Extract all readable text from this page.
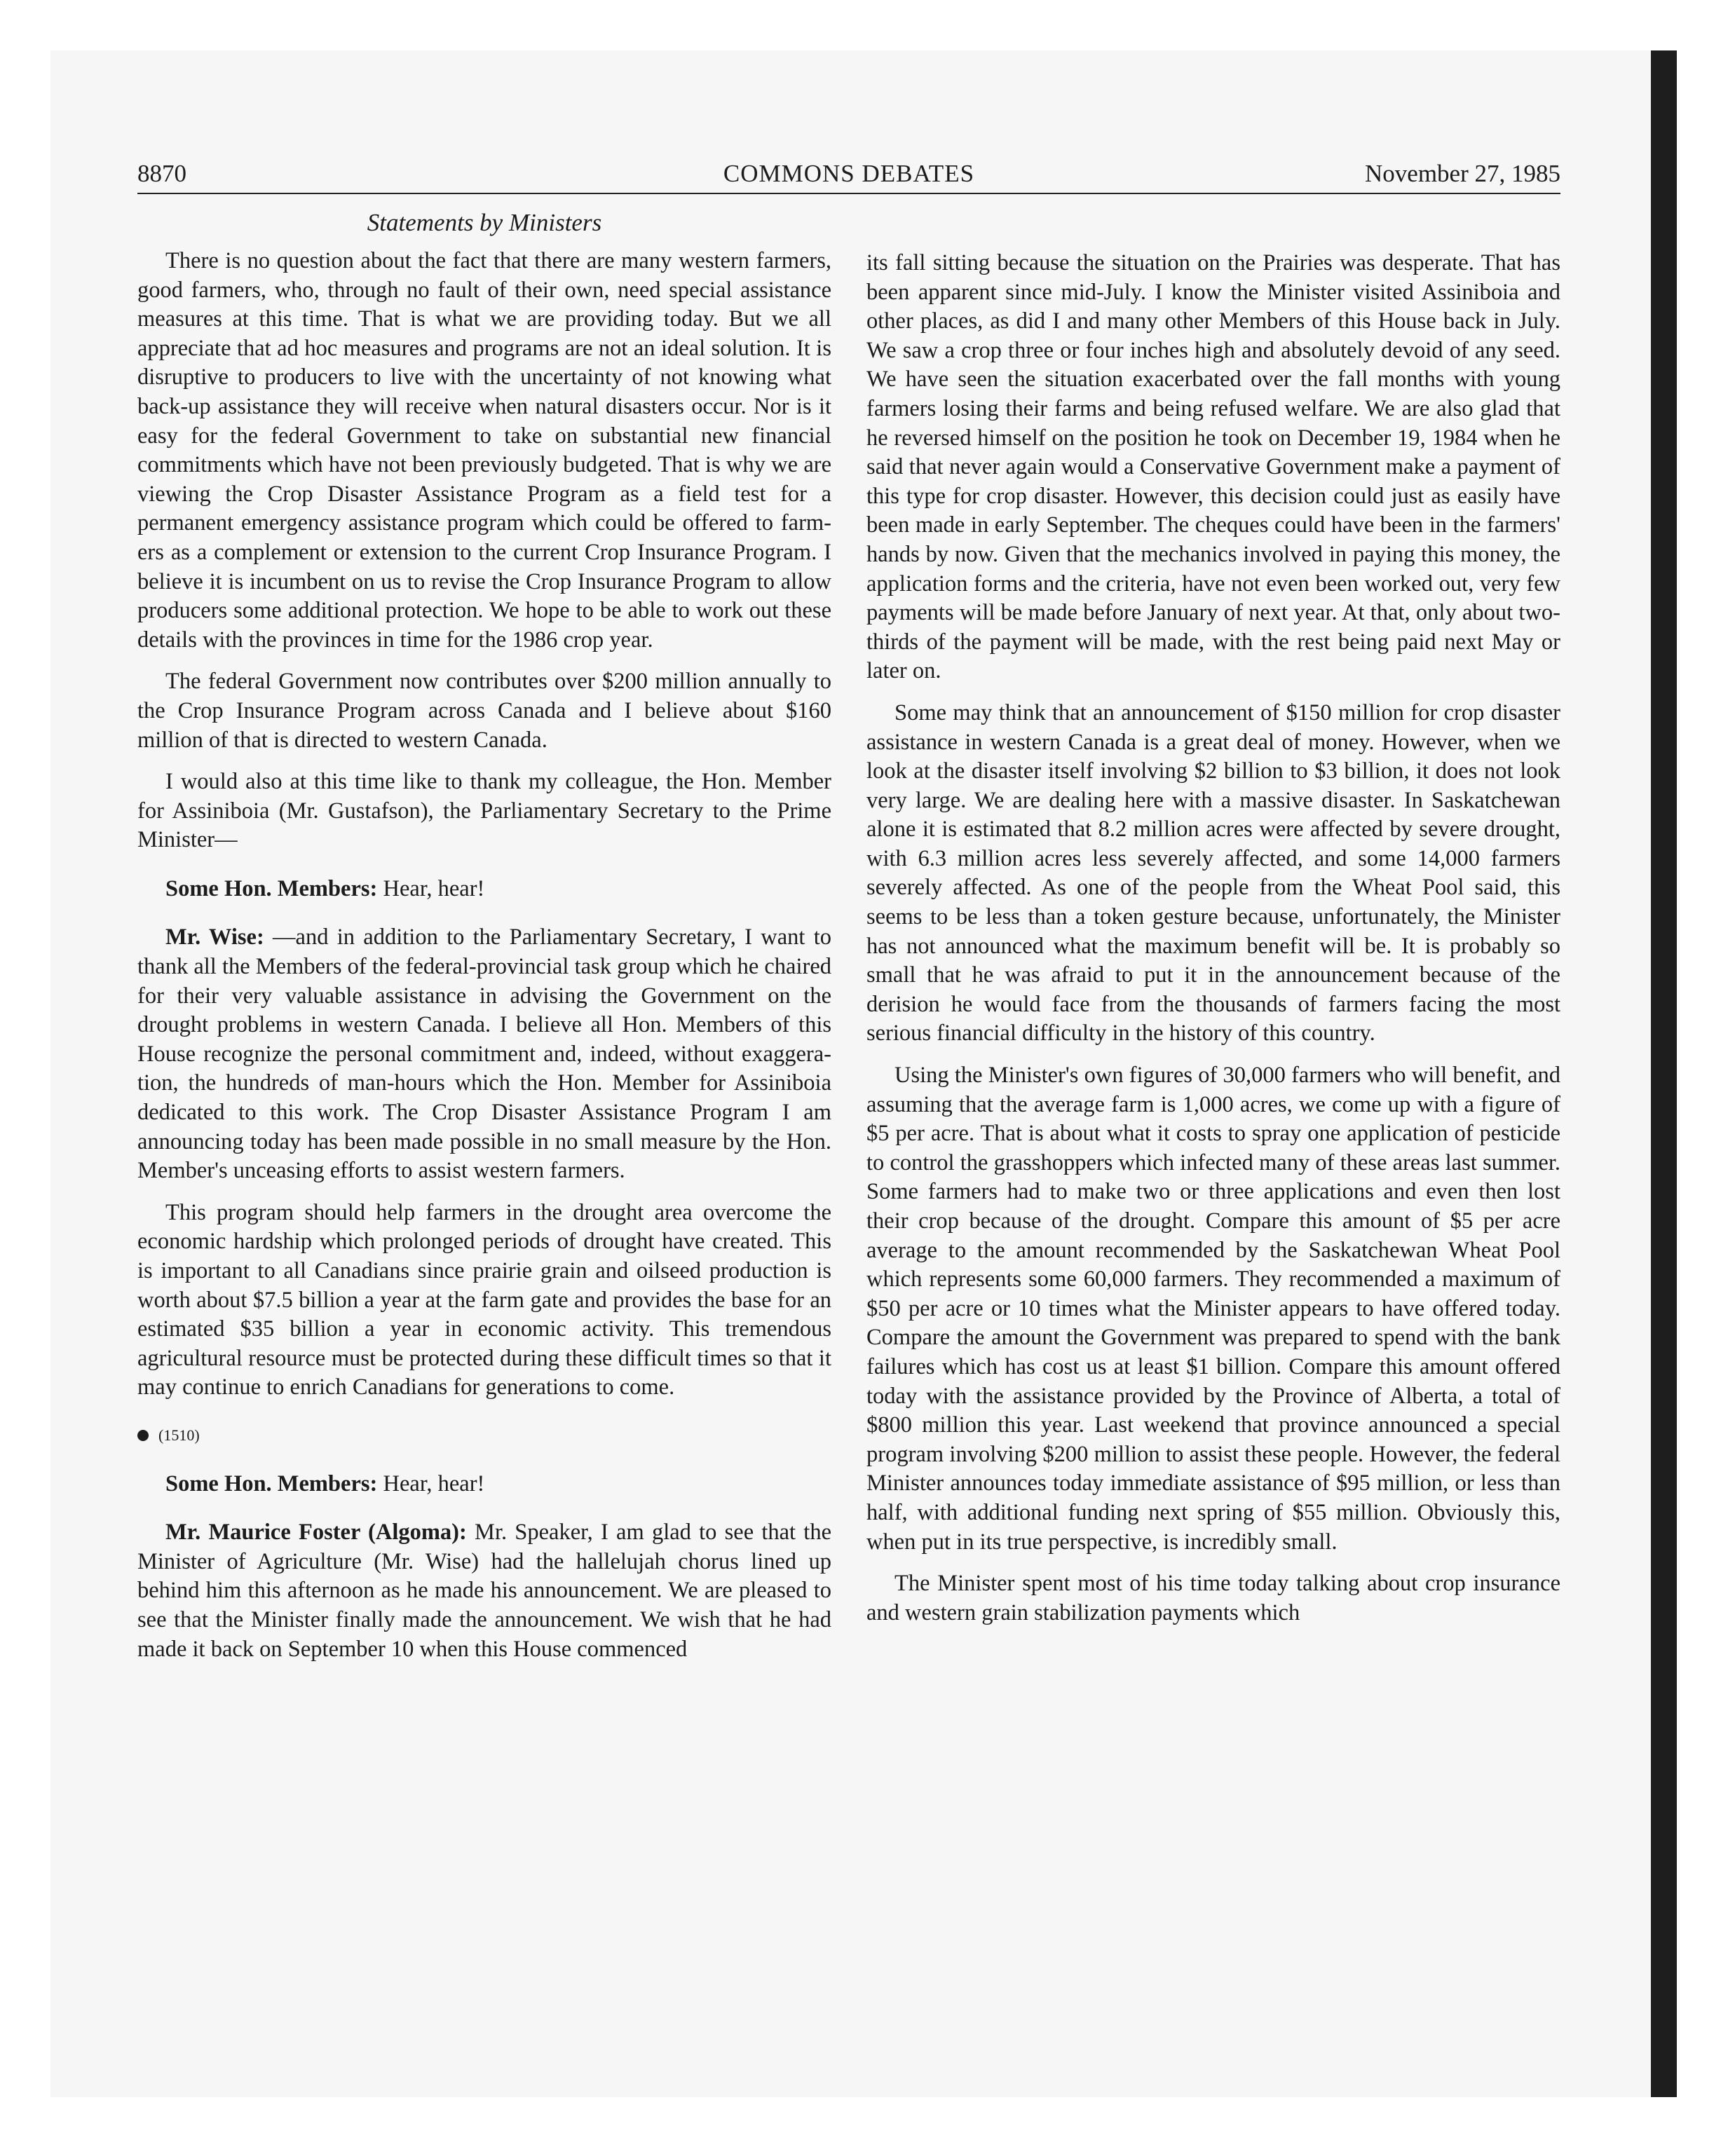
8870	COMMONS DEBATES	November 27, 1985
Statements by Ministers

There is no question about the fact that there are many western farmers, good farmers, who, through no fault of their own, need special assistance measures at this time. That is what we are providing today. But we all appreciate that ad hoc measures and programs are not an ideal solution. It is disruptive to producers to live with the uncertainty of not knowing what back-up assistance they will receive when natural disasters occur. Nor is it easy for the federal Government to take on substantial new financial commitments which have not been previously budgeted. That is why we are viewing the Crop Disaster Assistance Program as a field test for a permanent emergency assistance program which could be offered to farmers as a complement or extension to the current Crop Insurance Program. I believe it is incumbent on us to revise the Crop Insurance Program to allow producers some additional protection. We hope to be able to work out these details with the provinces in time for the 1986 crop year.

The federal Government now contributes over $200 million annually to the Crop Insurance Program across Canada and I believe about $160 million of that is directed to western Canada.

I would also at this time like to thank my colleague, the Hon. Member for Assiniboia (Mr. Gustafson), the Parliamentary Secretary to the Prime Minister—

Some Hon. Members: Hear, hear!

Mr. Wise: —and in addition to the Parliamentary Secretary, I want to thank all the Members of the federal-provincial task group which he chaired for their very valuable assistance in advising the Government on the drought problems in western Canada. I believe all Hon. Members of this House recognize the personal commitment and, indeed, without exaggeration, the hundreds of man-hours which the Hon. Member for Assiniboia dedicated to this work. The Crop Disaster Assistance Program I am announcing today has been made possible in no small measure by the Hon. Member's unceasing efforts to assist western farmers.

This program should help farmers in the drought area overcome the economic hardship which prolonged periods of drought have created. This is important to all Canadians since prairie grain and oilseed production is worth about $7.5 billion a year at the farm gate and provides the base for an estimated $35 billion a year in economic activity. This tremendous agricultural resource must be protected during these difficult times so that it may continue to enrich Canadians for generations to come.

(1510)

Some Hon. Members: Hear, hear!

Mr. Maurice Foster (Algoma): Mr. Speaker, I am glad to see that the Minister of Agriculture (Mr. Wise) had the hallelujah chorus lined up behind him this afternoon as he made his announcement. We are pleased to see that the Minister finally made the announcement. We wish that he had made it back on September 10 when this House commenced

its fall sitting because the situation on the Prairies was desperate. That has been apparent since mid-July. I know the Minister visited Assiniboia and other places, as did I and many other Members of this House back in July. We saw a crop three or four inches high and absolutely devoid of any seed. We have seen the situation exacerbated over the fall months with young farmers losing their farms and being refused welfare. We are also glad that he reversed himself on the position he took on December 19, 1984 when he said that never again would a Conservative Government make a payment of this type for crop disaster. However, this decision could just as easily have been made in early September. The cheques could have been in the farmers' hands by now. Given that the mechanics involved in paying this money, the application forms and the criteria, have not even been worked out, very few payments will be made before January of next year. At that, only about two-thirds of the payment will be made, with the rest being paid next May or later on.

Some may think that an announcement of $150 million for crop disaster assistance in western Canada is a great deal of money. However, when we look at the disaster itself involving $2 billion to $3 billion, it does not look very large. We are dealing here with a massive disaster. In Saskatchewan alone it is estimated that 8.2 million acres were affected by severe drought, with 6.3 million acres less severely affected, and some 14,000 farmers severely affected. As one of the people from the Wheat Pool said, this seems to be less than a token gesture because, unfortunately, the Minister has not announced what the maximum benefit will be. It is probably so small that he was afraid to put it in the announcement because of the derision he would face from the thousands of farmers facing the most serious financial difficulty in the history of this country.

Using the Minister's own figures of 30,000 farmers who will benefit, and assuming that the average farm is 1,000 acres, we come up with a figure of $5 per acre. That is about what it costs to spray one application of pesticide to control the grasshoppers which infected many of these areas last summer. Some farmers had to make two or three applications and even then lost their crop because of the drought. Compare this amount of $5 per acre average to the amount recommended by the Saskatchewan Wheat Pool which represents some 60,000 farmers. They recommended a maximum of $50 per acre or 10 times what the Minister appears to have offered today. Compare the amount the Government was prepared to spend with the bank failures which has cost us at least $1 billion. Compare this amount offered today with the assistance provided by the Province of Alberta, a total of $800 million this year. Last weekend that province announced a special program involving $200 million to assist these people. However, the federal Minister announces today immediate assistance of $95 million, or less than half, with additional funding next spring of $55 million. Obviously this, when put in its true perspective, is incredibly small.

The Minister spent most of his time today talking about crop insurance and western grain stabilization payments which
